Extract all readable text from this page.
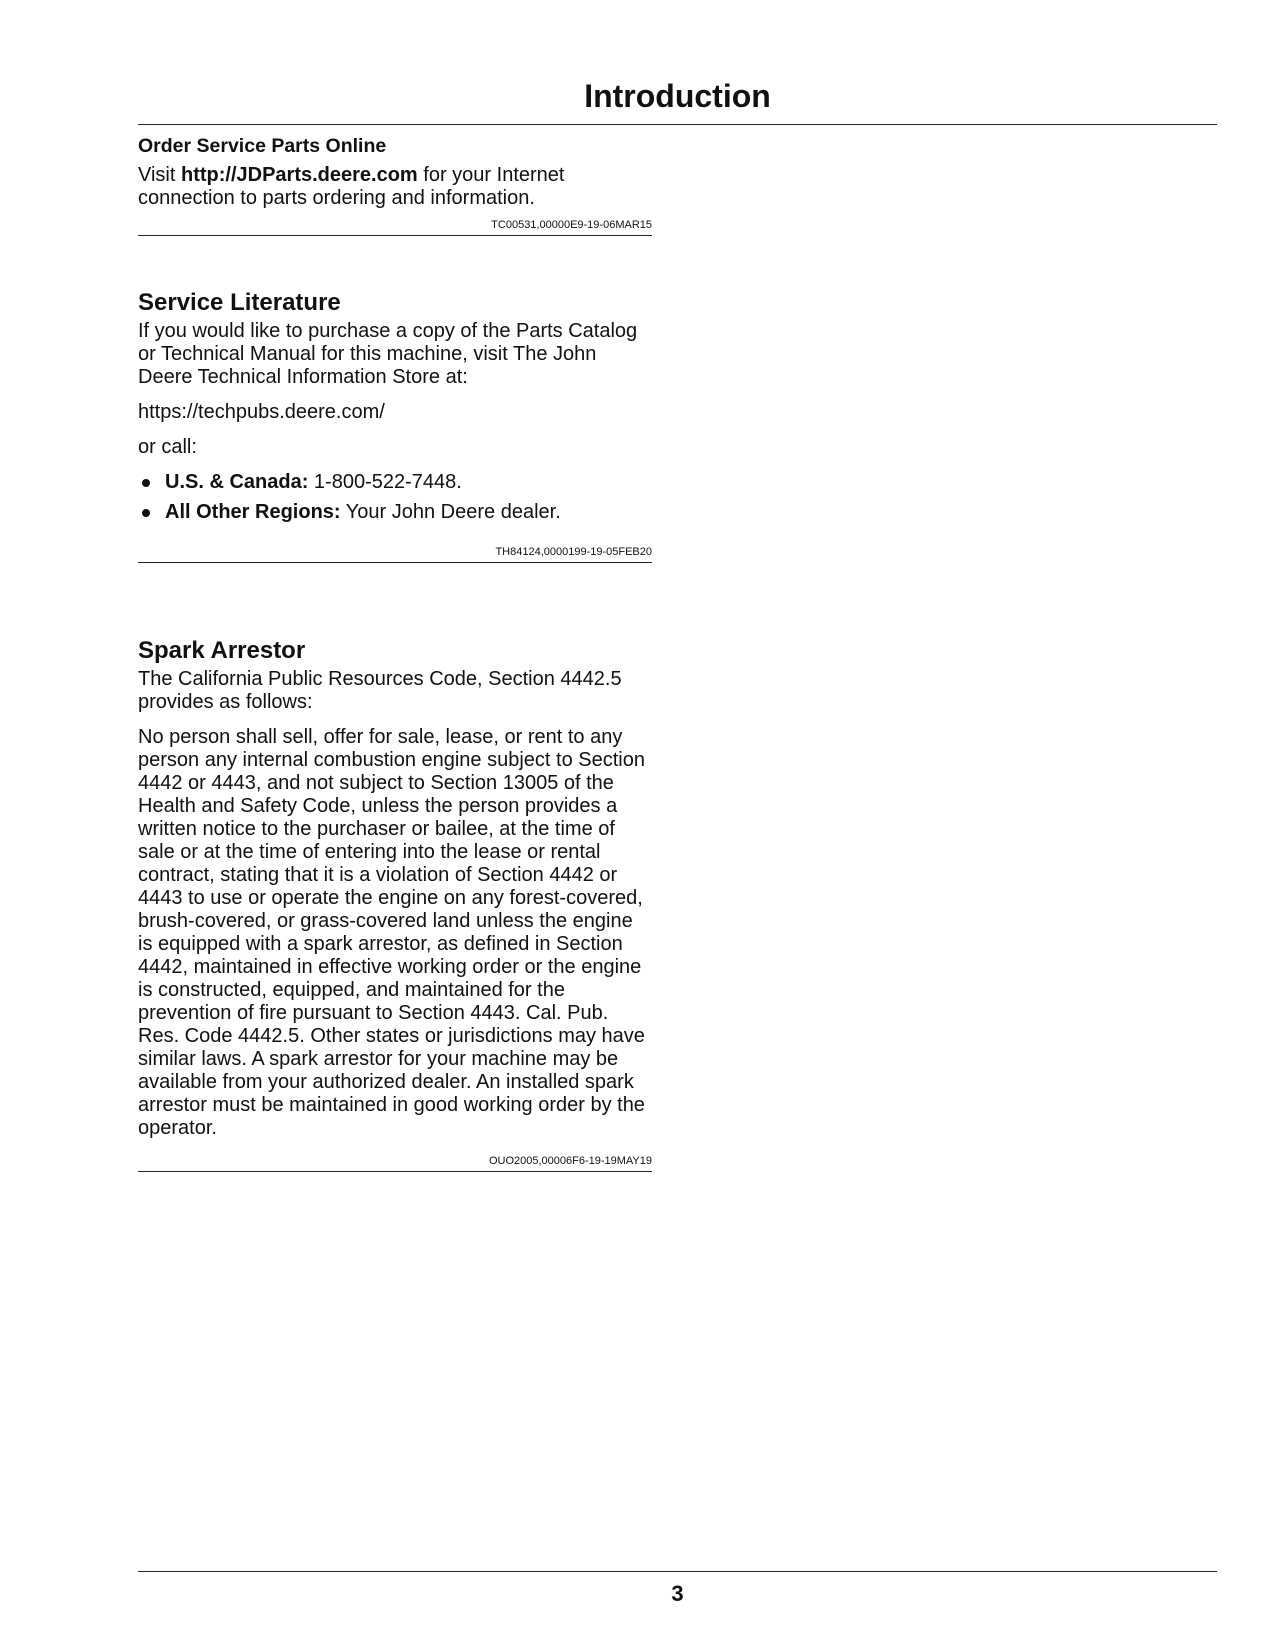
Introduction
Order Service Parts Online

Visit http://JDParts.deere.com for your Internet connection to parts ordering and information.

TC00531,00000E9-19-06MAR15
Service Literature

If you would like to purchase a copy of the Parts Catalog or Technical Manual for this machine, visit The John Deere Technical Information Store at:

https://techpubs.deere.com/

or call:

U.S. & Canada: 1-800-522-7448.
All Other Regions: Your John Deere dealer.
TH84124,0000199-19-05FEB20
Spark Arrestor

The California Public Resources Code, Section 4442.5 provides as follows:

No person shall sell, offer for sale, lease, or rent to any person any internal combustion engine subject to Section 4442 or 4443, and not subject to Section 13005 of the Health and Safety Code, unless the person provides a written notice to the purchaser or bailee, at the time of sale or at the time of entering into the lease or rental contract, stating that it is a violation of Section 4442 or 4443 to use or operate the engine on any forest-covered, brush-covered, or grass-covered land unless the engine is equipped with a spark arrestor, as defined in Section 4442, maintained in effective working order or the engine is constructed, equipped, and maintained for the prevention of fire pursuant to Section 4443. Cal. Pub. Res. Code 4442.5. Other states or jurisdictions may have similar laws. A spark arrestor for your machine may be available from your authorized dealer. An installed spark arrestor must be maintained in good working order by the operator.

OUO2005,00006F6-19-19MAY19
3
